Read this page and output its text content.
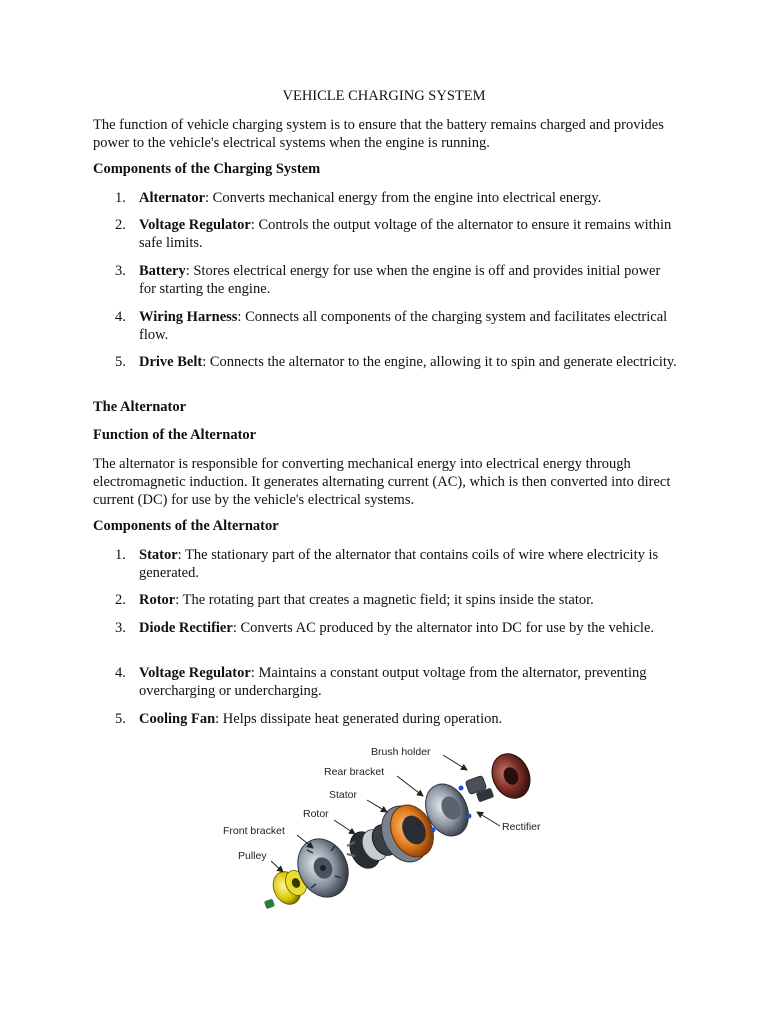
VEHICLE CHARGING SYSTEM

The function of vehicle charging system is to ensure that the battery remains charged and provides power to the vehicle's electrical systems when the engine is running.

Components of the Charging System
1. Alternator: Converts mechanical energy from the engine into electrical energy.
2. Voltage Regulator: Controls the output voltage of the alternator to ensure it remains within safe limits.
3. Battery: Stores electrical energy for use when the engine is off and provides initial power for starting the engine.
4. Wiring Harness: Connects all components of the charging system and facilitates electrical flow.
5. Drive Belt: Connects the alternator to the engine, allowing it to spin and generate electricity.
The Alternator
Function of the Alternator

The alternator is responsible for converting mechanical energy into electrical energy through electromagnetic induction. It generates alternating current (AC), which is then converted into direct current (DC) for use by the vehicle's electrical systems.

Components of the Alternator
1. Stator: The stationary part of the alternator that contains coils of wire where electricity is generated.
2. Rotor: The rotating part that creates a magnetic field; it spins inside the stator.
3. Diode Rectifier: Converts AC produced by the alternator into DC for use by the vehicle.
4. Voltage Regulator: Maintains a constant output voltage from the alternator, preventing overcharging or undercharging.
5. Cooling Fan: Helps dissipate heat generated during operation.
Brush holder
Rear bracket
Stator
Rotor
Front bracket
Pulley
Rectifier
